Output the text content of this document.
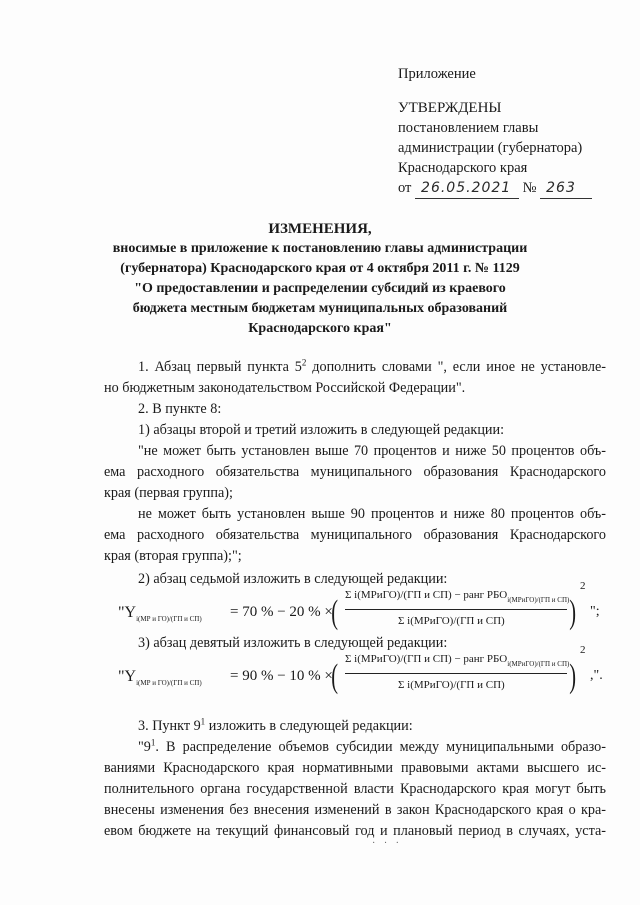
Приложение
УТВЕРЖДЕНЫ
постановлением главы
администрации (губернатора)
Краснодарского края
от 26.05.2021 № 263
ИЗМЕНЕНИЯ,
вносимые в приложение к постановлению главы администрации
(губернатора) Краснодарского края от 4 октября 2011 г. № 1129
"О предоставлении и распределении субсидий из краевого
бюджета местным бюджетам муниципальных образований
Краснодарского края"
1. Абзац первый пункта $5^2$ дополнить словами ", если иное не установле-
но бюджетным законодательством Российской Федерации".
2. В пункте 8:
1) абзацы второй и третий изложить в следующей редакции:
"не может быть установлен выше 70 процентов и ниже 50 процентов объ-
ема расходного обязательства муниципального образования Краснодарского
края (первая группа);
не может быть установлен выше 90 процентов и ниже 80 процентов объ-
ема расходного обязательства муниципального образования Краснодарского
края (вторая группа);";
2) абзац седьмой изложить в следующей редакции:
"$Y_{i(МР и ГО)/(ГП и СП)} = 70$ % − 20 % ×
( Σ i(МРиГО)/(ГП и СП) − ранг $РБО_{i(МРиГО)/(ГП и СП)}$
Σ i(МРиГО)/(ГП и СП) )
2
";
3) абзац девятый изложить в следующей редакции:
"$Y_{i(МР и ГО)/(ГП и СП)} = 90$ % − 10 % ×
( Σ i(МРиГО)/(ГП и СП) − ранг $РБО_{i(МРиГО)/(ГП и СП)}$
Σ i(МРиГО)/(ГП и СП) )
2
,".
3. Пункт $9^1$ изложить в следующей редакции:
"$9^1$. В распределение объемов субсидии между муниципальными образо-
ваниями Краснодарского края нормативными правовыми актами высшего ис-
полнительного органа государственной власти Краснодарского края могут быть
внесены изменения без внесения изменений в закон Краснодарского края о кра-
евом бюджете на текущий финансовый год и плановый период в случаях, уста-
· · ·
